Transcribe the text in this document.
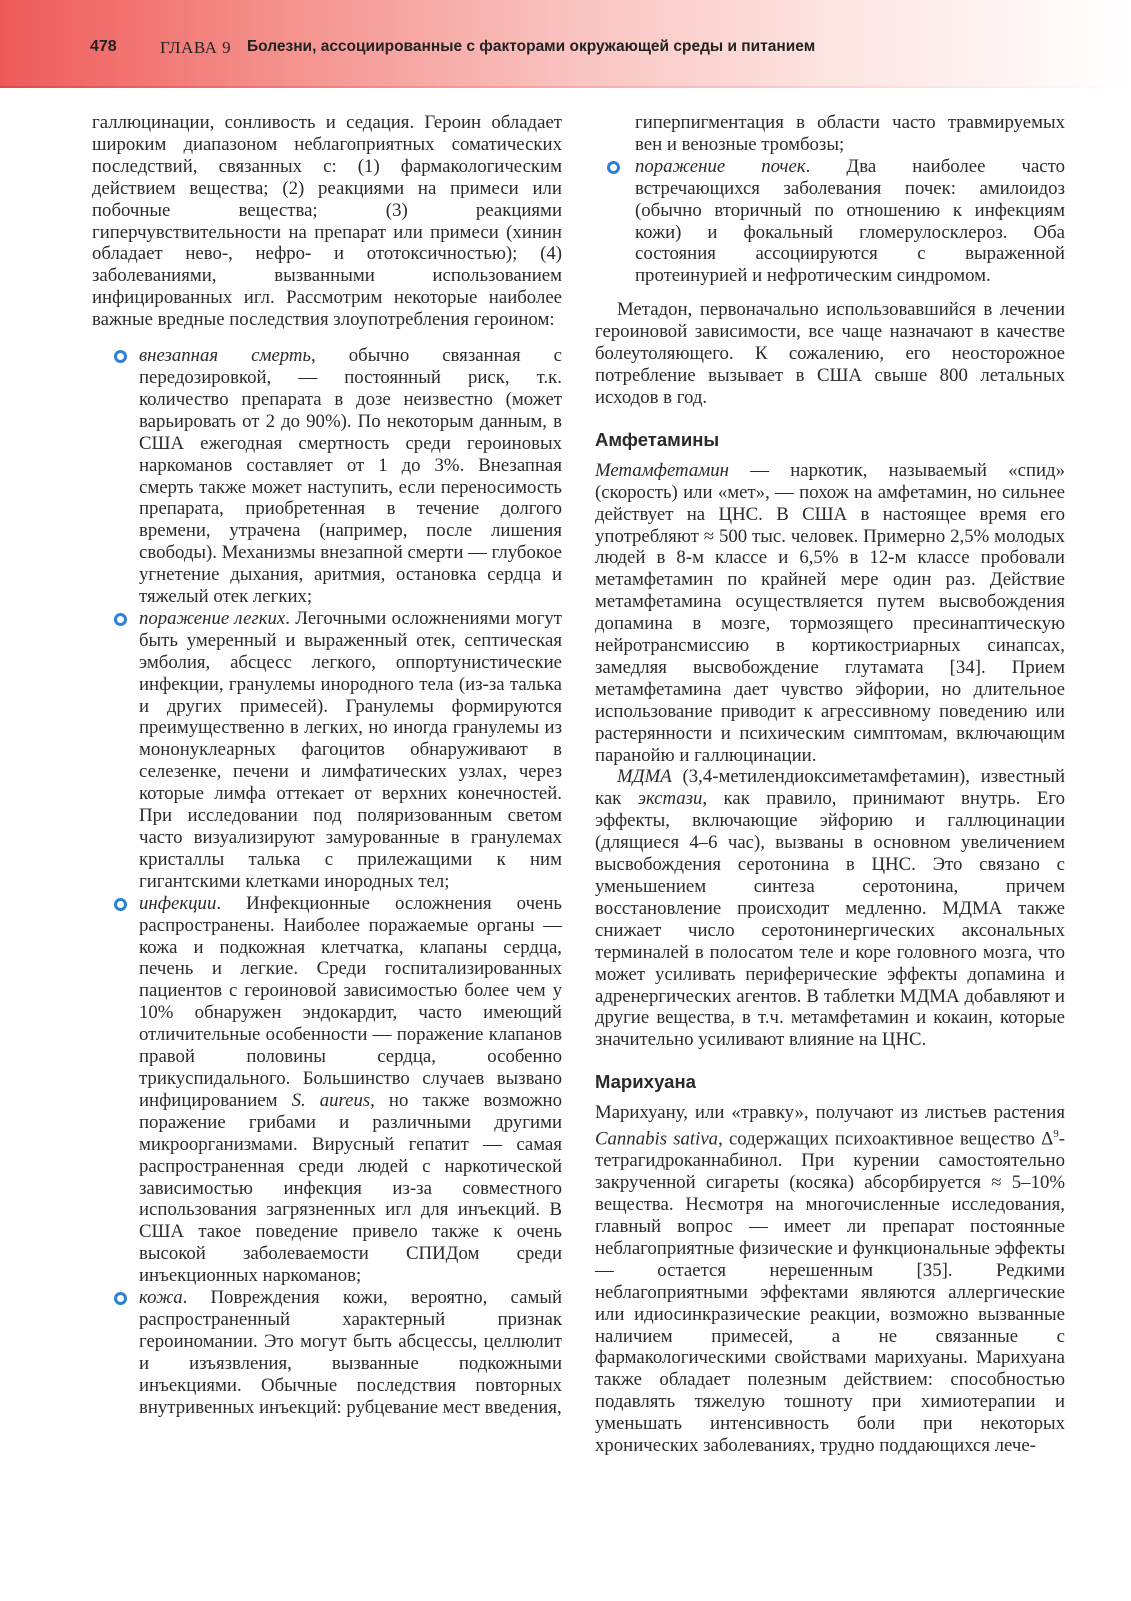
478	ГЛАВА 9 Болезни, ассоциированные с факторами окружающей среды и питанием

галлюцинации, сонливость и седация. Героин обладает широким диапазоном неблагоприятных соматических последствий, связанных с: (1) фармакологическим действием вещества; (2) реакциями на примеси или побочные вещества; (3) реакциями гиперчувствительности на препарат или примеси (хинин обладает нево-, нефро- и ототоксичностью); (4) заболеваниями, вызванными использованием инфицированных игл. Рассмотрим некоторые наиболее важные вредные последствия злоупотребления героином:

внезапная смерть, обычно связанная с передозировкой, — постоянный риск, т.к. количество препарата в дозе неизвестно (может варьировать от 2 до 90%). По некоторым данным, в США ежегодная смертность среди героиновых наркоманов составляет от 1 до 3%. Внезапная смерть также может наступить, если переносимость препарата, приобретенная в течение долгого времени, утрачена (например, после лишения свободы). Механизмы внезапной смерти — глубокое угнетение дыхания, аритмия, остановка сердца и тяжелый отек легких;
поражение легких. Легочными осложнениями могут быть умеренный и выраженный отек, септическая эмболия, абсцесс легкого, оппортунистические инфекции, гранулемы инородного тела (из-за талька и других примесей). Гранулемы формируются преимущественно в легких, но иногда гранулемы из мононуклеарных фагоцитов обнаруживают в селезенке, печени и лимфатических узлах, через которые лимфа оттекает от верхних конечностей. При исследовании под поляризованным светом часто визуализируют замурованные в гранулемах кристаллы талька с прилежащими к ним гигантскими клетками инородных тел;
инфекции. Инфекционные осложнения очень распространены. Наиболее поражаемые органы — кожа и подкожная клетчатка, клапаны сердца, печень и легкие. Среди госпитализированных пациентов с героиновой зависимостью более чем у 10% обнаружен эндокардит, часто имеющий отличительные особенности — поражение клапанов правой половины сердца, особенно трикуспидального. Большинство случаев вызвано инфицированием S. aureus, но также возможно поражение грибами и различными другими микроорганизмами. Вирусный гепатит — самая распространенная среди людей с наркотической зависимостью инфекция из-за совместного использования загрязненных игл для инъекций. В США такое поведение привело также к очень высокой заболеваемости СПИДом среди инъекционных наркоманов;
кожа. Повреждения кожи, вероятно, самый распространенный характерный признак героиномании. Это могут быть абсцессы, целлюлит и изъязвления, вызванные подкожными инъекциями. Обычные последствия повторных внутривенных инъекций: рубцевание мест введения,

гиперпигментация в области часто травмируемых вен и венозные тромбозы;

поражение почек. Два наиболее часто встречающихся заболевания почек: амилоидоз (обычно вторичный по отношению к инфекциям кожи) и фокальный гломерулосклероз. Оба состояния ассоциируются с выраженной протеинурией и нефротическим синдромом.

Метадон, первоначально использовавшийся в лечении героиновой зависимости, все чаще назначают в качестве болеутоляющего. К сожалению, его неосторожное потребление вызывает в США свыше 800 летальных исходов в год.

Амфетамины

Метамфетамин — наркотик, называемый «спид» (скорость) или «мет», — похож на амфетамин, но сильнее действует на ЦНС. В США в настоящее время его употребляют ≈ 500 тыс. человек. Примерно 2,5% молодых людей в 8-м классе и 6,5% в 12-м классе пробовали метамфетамин по крайней мере один раз. Действие метамфетамина осуществляется путем высвобождения допамина в мозге, тормозящего пресинаптическую нейротрансмиссию в кортикостриарных синапсах, замедляя высвобождение глутамата [34]. Прием метамфетамина дает чувство эйфории, но длительное использование приводит к агрессивному поведению или растерянности и психическим симптомам, включающим паранойю и галлюцинации.

МДМА (3,4-метилендиоксиметамфетамин), известный как экстази, как правило, принимают внутрь. Его эффекты, включающие эйфорию и галлюцинации (длящиеся 4–6 час), вызваны в основном увеличением высвобождения серотонина в ЦНС. Это связано с уменьшением синтеза серотонина, причем восстановление происходит медленно. МДМА также снижает число серотонинергических аксональных терминалей в полосатом теле и коре головного мозга, что может усиливать периферические эффекты допамина и адренергических агентов. В таблетки МДМА добавляют и другие вещества, в т.ч. метамфетамин и кокаин, которые значительно усиливают влияние на ЦНС.

Марихуана

Марихуану, или «травку», получают из листьев растения Cannabis sativa, содержащих психоактивное вещество $\Delta^9$-тетрагидроканнабинол. При курении самостоятельно закрученной сигареты (косяка) абсорбируется ≈ 5–10% вещества. Несмотря на многочисленные исследования, главный вопрос — имеет ли препарат постоянные неблагоприятные физические и функциональные эффекты — остается нерешенным [35]. Редкими неблагоприятными эффектами являются аллергические или идиосинкразические реакции, возможно вызванные наличием примесей, а не связанные с фармакологическими свойствами марихуаны. Марихуана также обладает полезным действием: способностью подавлять тяжелую тошноту при химиотерапии и уменьшать интенсивность боли при некоторых хронических заболеваниях, трудно поддающихся лече-
